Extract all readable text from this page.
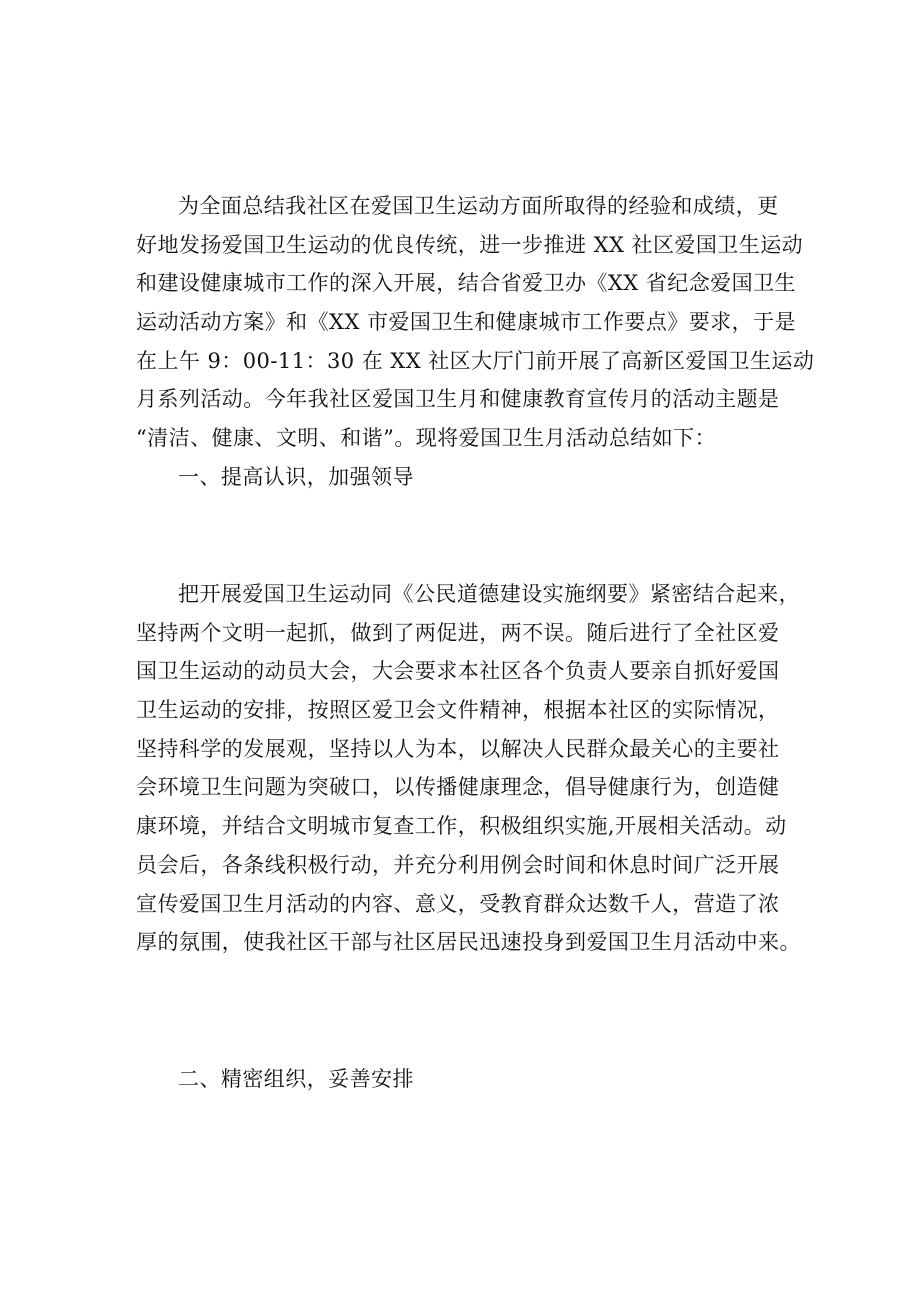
为全面总结我社区在爱国卫生运动方面所取得的经验和成绩，更
好地发扬爱国卫生运动的优良传统，进一步推进 XX 社区爱国卫生运动
和建设健康城市工作的深入开展，结合省爱卫办《XX 省纪念爱国卫生
运动活动方案》和《XX 市爱国卫生和健康城市工作要点》要求，于是
在上午 9：00-11：30 在 XX 社区大厅门前开展了高新区爱国卫生运动
月系列活动。今年我社区爱国卫生月和健康教育宣传月的活动主题是
“清洁、健康、文明、和谐”。现将爱国卫生月活动总结如下：
一、提高认识，加强领导
把开展爱国卫生运动同《公民道德建设实施纲要》紧密结合起来，
坚持两个文明一起抓，做到了两促进，两不误。随后进行了全社区爱
国卫生运动的动员大会，大会要求本社区各个负责人要亲自抓好爱国
卫生运动的安排，按照区爱卫会文件精神，根据本社区的实际情况，
坚持科学的发展观，坚持以人为本，以解决人民群众最关心的主要社
会环境卫生问题为突破口，以传播健康理念，倡导健康行为，创造健
康环境，并结合文明城市复查工作，积极组织实施,开展相关活动。动
员会后，各条线积极行动，并充分利用例会时间和休息时间广泛开展
宣传爱国卫生月活动的内容、意义，受教育群众达数千人，营造了浓
厚的氛围，使我社区干部与社区居民迅速投身到爱国卫生月活动中来。
二、精密组织，妥善安排
